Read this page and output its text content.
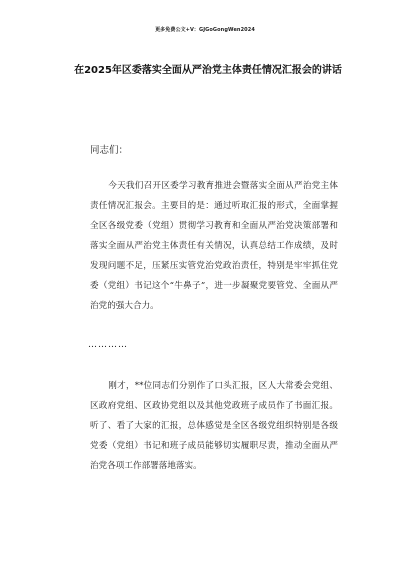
更多免费公文+V：GJGoGongWen2024
在2025年区委落实全面从严治党主体责任情况汇报会的讲话
同志们：
今天我们召开区委学习教育推进会暨落实全面从严治党主体责任情况汇报会。主要目的是：通过听取汇报的形式，全面掌握全区各级党委（党组）贯彻学习教育和全面从严治党决策部署和落实全面从严治党主体责任有关情况，认真总结工作成绩，及时发现问题不足，压紧压实管党治党政治责任，特别是牢牢抓住党委（党组）书记这个“牛鼻子”，进一步凝聚党要管党、全面从严治党的强大合力。
…………
刚才，**位同志们分别作了口头汇报，区人大常委会党组、区政府党组、区政协党组以及其他党政班子成员作了书面汇报。听了、看了大家的汇报，总体感觉是全区各级党组织特别是各级党委（党组）书记和班子成员能够切实履职尽责，推动全面从严治党各项工作部署落地落实。
